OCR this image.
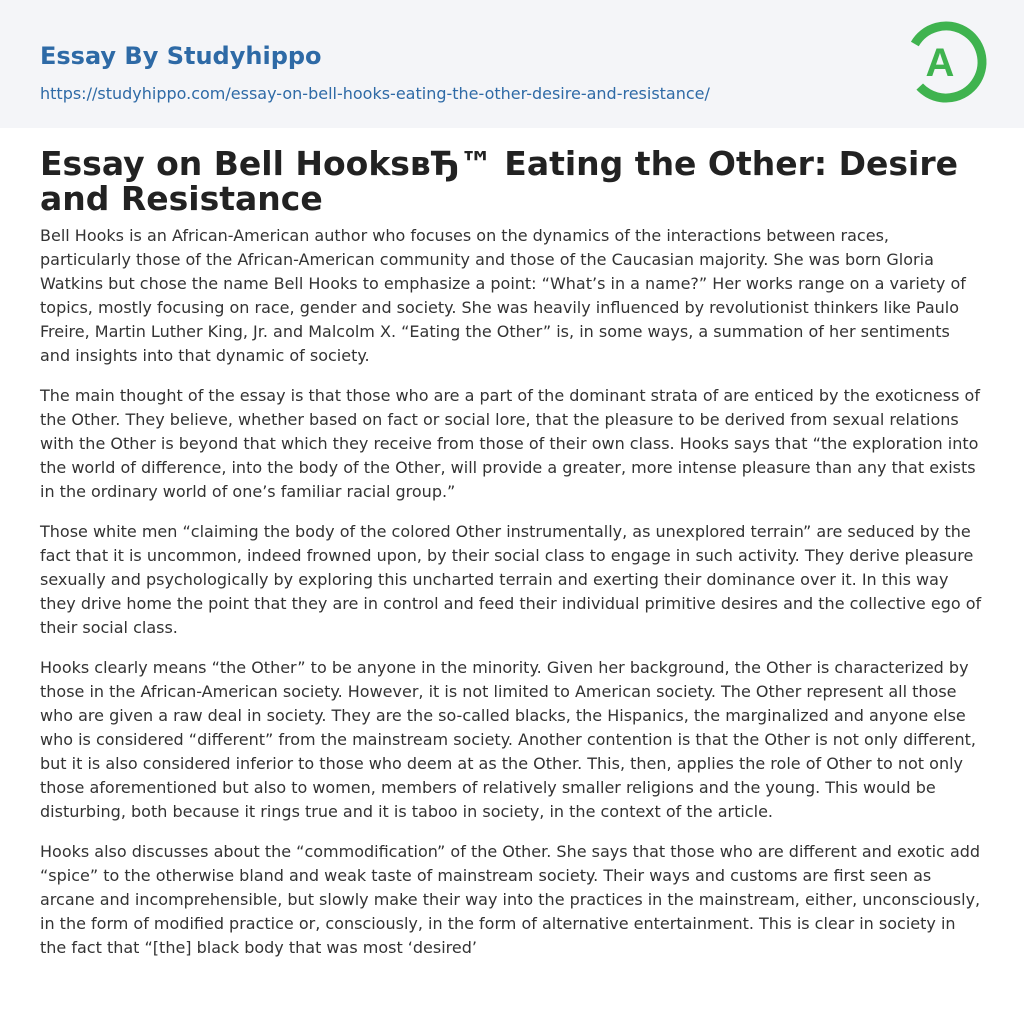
Essay By Studyhippo
https://studyhippo.com/essay-on-bell-hooks-eating-the-other-desire-and-resistance/
A
Essay on Bell HooksвЂ™ Eating the Other: Desire and Resistance

Bell Hooks is an African-American author who focuses on the dynamics of the interactions between races, particularly those of the African-American community and those of the Caucasian majority. She was born Gloria Watkins but chose the name Bell Hooks to emphasize a point: “What’s in a name?” Her works range on a variety of topics, mostly focusing on race, gender and society. She was heavily influenced by revolutionist thinkers like Paulo Freire, Martin Luther King, Jr. and Malcolm X. “Eating the Other” is, in some ways, a summation of her sentiments and insights into that dynamic of society.

The main thought of the essay is that those who are a part of the dominant strata of are enticed by the exoticness of the Other. They believe, whether based on fact or social lore, that the pleasure to be derived from sexual relations with the Other is beyond that which they receive from those of their own class. Hooks says that “the exploration into the world of difference, into the body of the Other, will provide a greater, more intense pleasure than any that exists in the ordinary world of one’s familiar racial group.”

Those white men “claiming the body of the colored Other instrumentally, as unexplored terrain” are seduced by the fact that it is uncommon, indeed frowned upon, by their social class to engage in such activity. They derive pleasure sexually and psychologically by exploring this uncharted terrain and exerting their dominance over it. In this way they drive home the point that they are in control and feed their individual primitive desires and the collective ego of their social class.

Hooks clearly means “the Other” to be anyone in the minority. Given her background, the Other is characterized by those in the African-American society. However, it is not limited to American society. The Other represent all those who are given a raw deal in society. They are the so-called blacks, the Hispanics, the marginalized and anyone else who is considered “different” from the mainstream society. Another contention is that the Other is not only different, but it is also considered inferior to those who deem at as the Other. This, then, applies the role of Other to not only those aforementioned but also to women, members of relatively smaller religions and the young. This would be disturbing, both because it rings true and it is taboo in society, in the context of the article.

Hooks also discusses about the “commodification” of the Other. She says that those who are different and exotic add “spice” to the otherwise bland and weak taste of mainstream society. Their ways and customs are first seen as arcane and incomprehensible, but slowly make their way into the practices in the mainstream, either, unconsciously, in the form of modified practice or, consciously, in the form of alternative entertainment. This is clear in society in the fact that “[the] black body that was most ‘desired’
